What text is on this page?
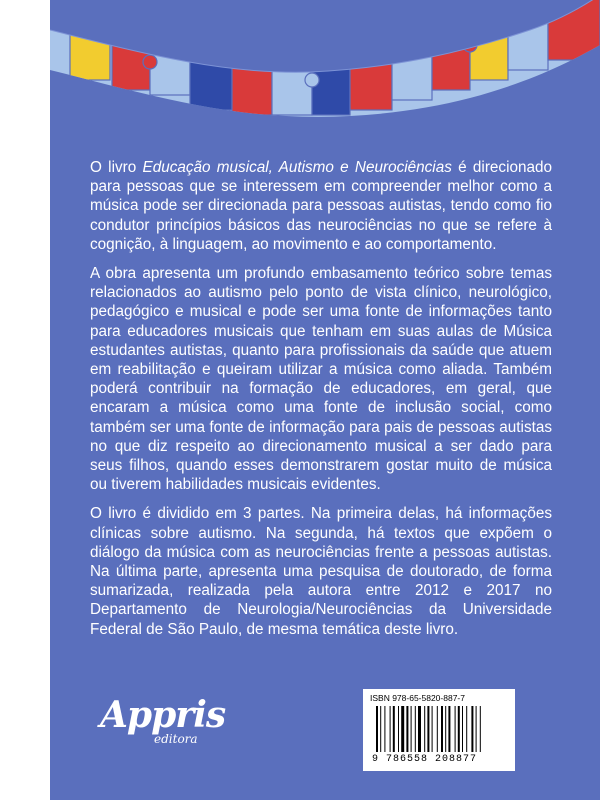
O livro Educação musical, Autismo e Neurociências é direcionado para pessoas que se interessem em compreender melhor como a música pode ser direcionada para pessoas autistas, tendo como fio condutor princípios básicos das neurociências no que se refere à cognição, à linguagem, ao movimento e ao comportamento.

A obra apresenta um profundo embasamento teórico sobre temas relacionados ao autismo pelo ponto de vista clínico, neurológico, pedagógico e musical e pode ser uma fonte de informações tanto para educadores musicais que tenham em suas aulas de Música estudantes autistas, quanto para profissionais da saúde que atuem em reabilitação e queiram utilizar a música como aliada. Também poderá contribuir na formação de educadores, em geral, que encaram a música como uma fonte de inclusão social, como também ser uma fonte de informação para pais de pessoas autistas no que diz respeito ao direcionamento musical a ser dado para seus filhos, quando esses demonstrarem gostar muito de música ou tiverem habilidades musicais evidentes.

O livro é dividido em 3 partes. Na primeira delas, há informações clínicas sobre autismo. Na segunda, há textos que expõem o diálogo da música com as neurociências frente a pessoas autistas. Na última parte, apresenta uma pesquisa de doutorado, de forma sumarizada, realizada pela autora entre 2012 e 2017 no Departamento de Neurologia/Neurociências da Universidade Federal de São Paulo, de mesma temática deste livro.

Appris
editora
ISBN 978-65-5820-887-7
9 786558 208877
